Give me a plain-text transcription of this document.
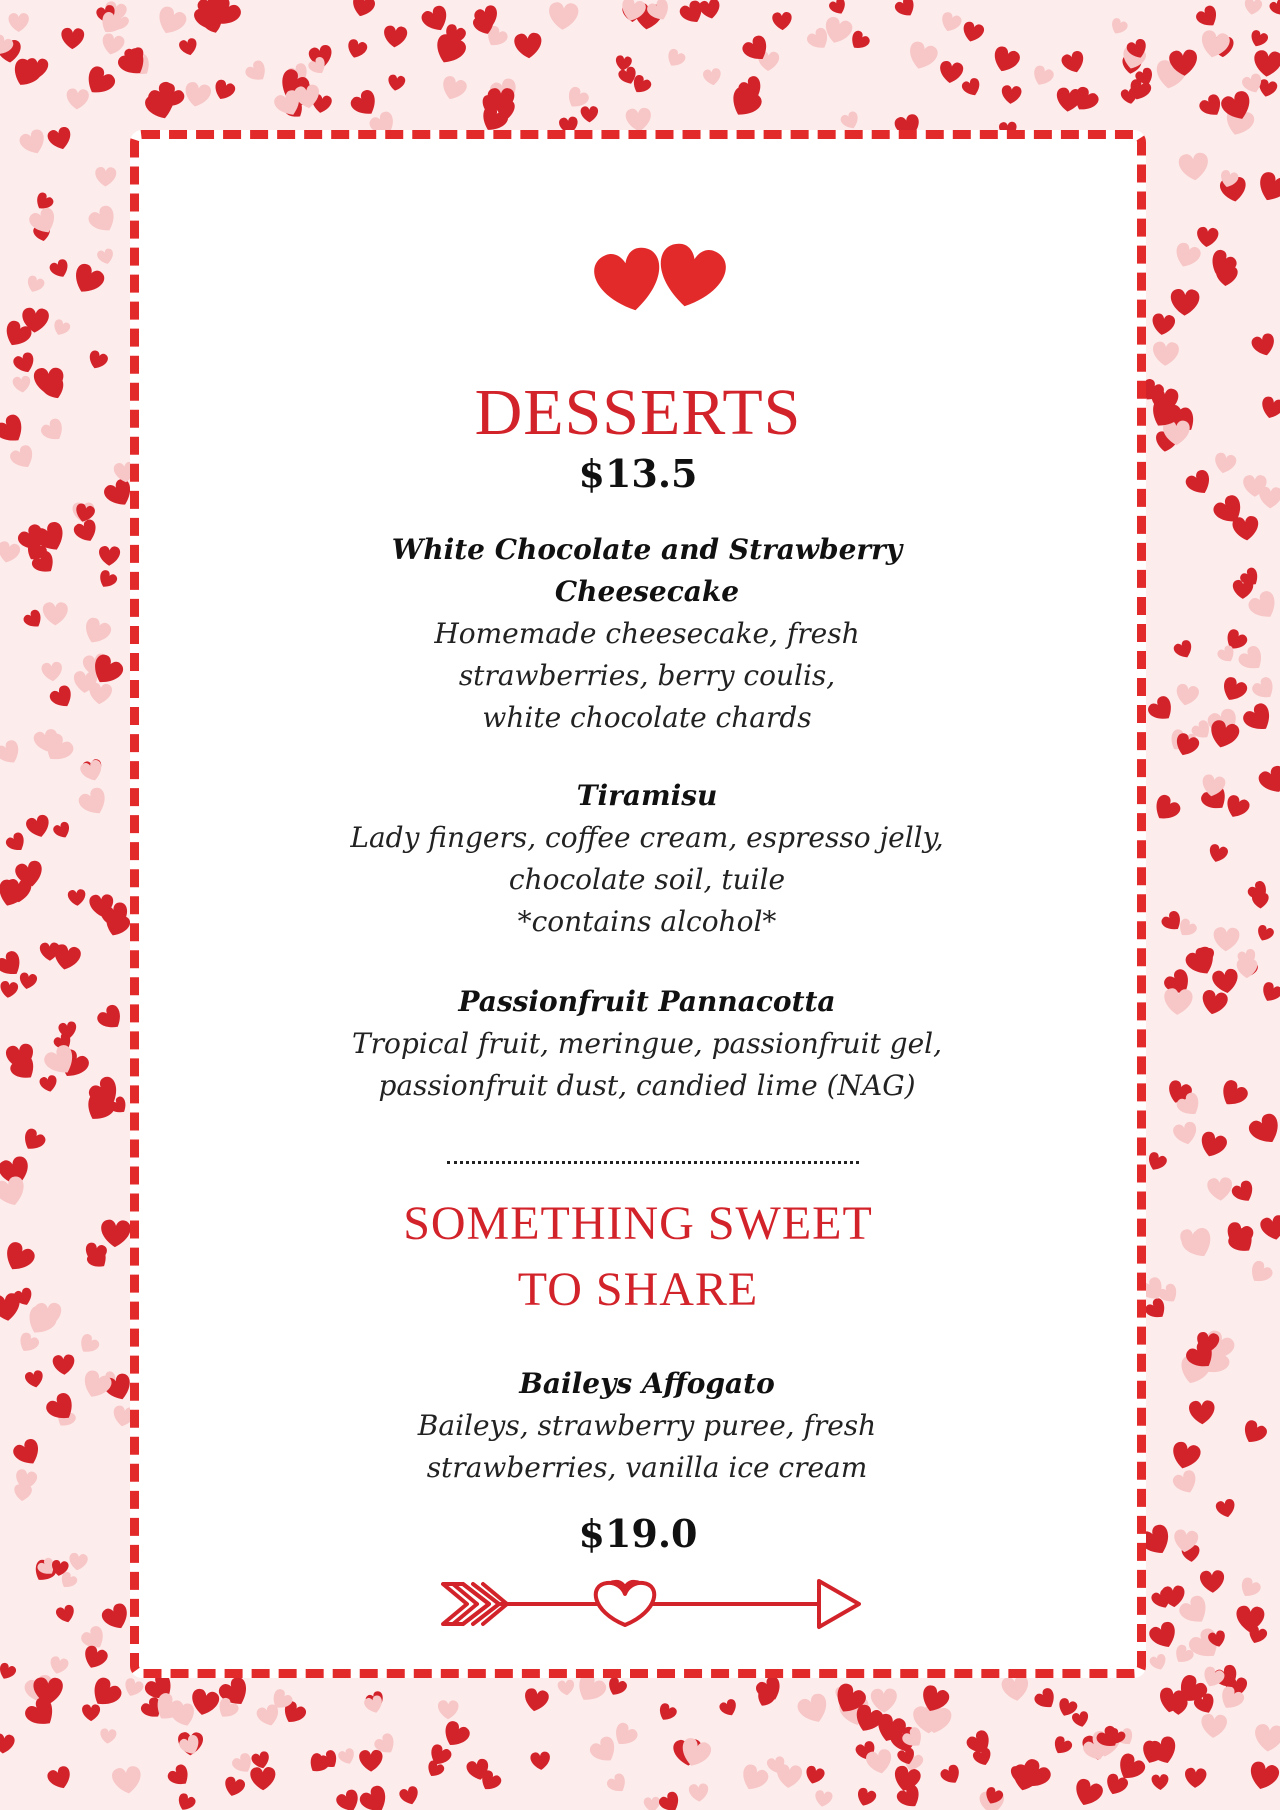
DESSERTS
$13.5
White Chocolate and Strawberry
Cheesecake
Homemade cheesecake, fresh
strawberries, berry coulis,
white chocolate chards
Tiramisu
Lady fingers, coffee cream, espresso jelly,
chocolate soil, tuile
*contains alcohol*
Passionfruit Pannacotta
Tropical fruit, meringue, passionfruit gel,
passionfruit dust, candied lime (NAG)
SOMETHING SWEET
TO SHARE
Baileys Affogato
Baileys, strawberry puree, fresh
strawberries, vanilla ice cream
$19.0
